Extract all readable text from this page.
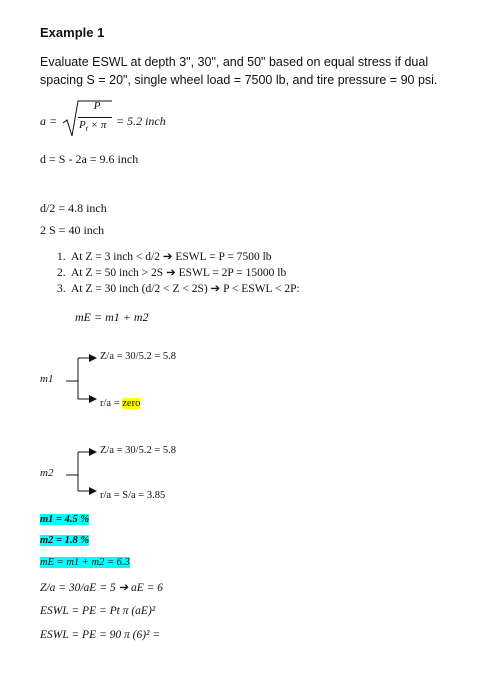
Example 1
Evaluate ESWL at depth 3", 30", and 50" based on equal stress if dual
spacing S = 20", single wheel load = 7500 lb, and tire pressure = 90 psi.
a =
P
$P_t \times \pi = 5.2$ inch
d = S - 2a = 9.6 inch
d/2 = 4.8 inch
2 S = 40 inch
1. At Z = 3 inch < d/2 ➔ ESWL = P = 7500 lb
2. At Z = 50 inch > 2S ➔ ESWL = 2P = 15000 lb
3. At Z = 30 inch (d/2 < Z < 2S) ➔ P < ESWL < 2P:
mE = m1 + m2
m1
Z/a = 30/5.2 = 5.8
r/a = zero
m2
Z/a = 30/5.2 = 5.8
r/a = S/a = 3.85
m1 = 4.5 %
m2 = 1.8 %
mE = m1 + m2 = 6.3
Z/a = 30/aE = 5 ➔ aE = 6
ESWL = PE = Pt π (aE)²
ESWL = PE = 90 π (6)² =
